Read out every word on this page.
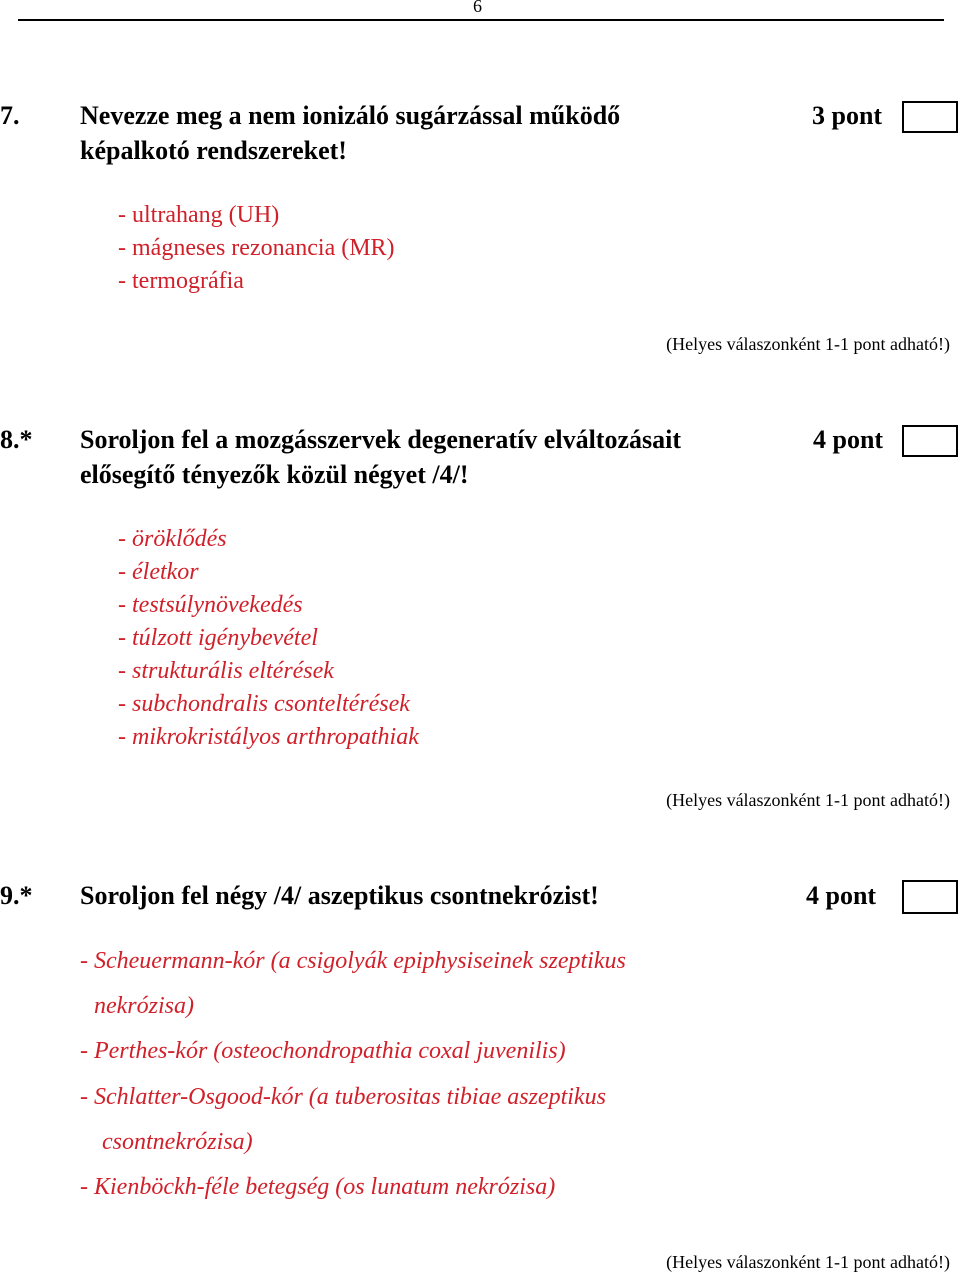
6
7. Nevezze meg a nem ionizáló sugárzással működő	3 pont
képalkotó rendszereket!
- ultrahang (UH)
- mágneses rezonancia (MR)
- termográfia
(Helyes válaszonként 1-1 pont adható!)
8.* Soroljon fel a mozgásszervek degeneratív elváltozásait	4 pont
elősegítő tényezők közül négyet /4/!
- öröklődés
- életkor
- testsúlynövekedés
- túlzott igénybevétel
- strukturális eltérések
- subchondralis csonteltérések
- mikrokristályos arthropathiak
(Helyes válaszonként 1-1 pont adható!)
9.* Soroljon fel négy /4/ aszeptikus csontnekrózist!	4 pont
- Scheuermann-kór (a csigolyák epiphysiseinek szeptikus
nekrózisa)
- Perthes-kór (osteochondropathia coxal juvenilis)
- Schlatter-Osgood-kór (a tuberositas tibiae aszeptikus
csontnekrózisa)
- Kienböckh-féle betegség (os lunatum nekrózisa)
(Helyes válaszonként 1-1 pont adható!)
